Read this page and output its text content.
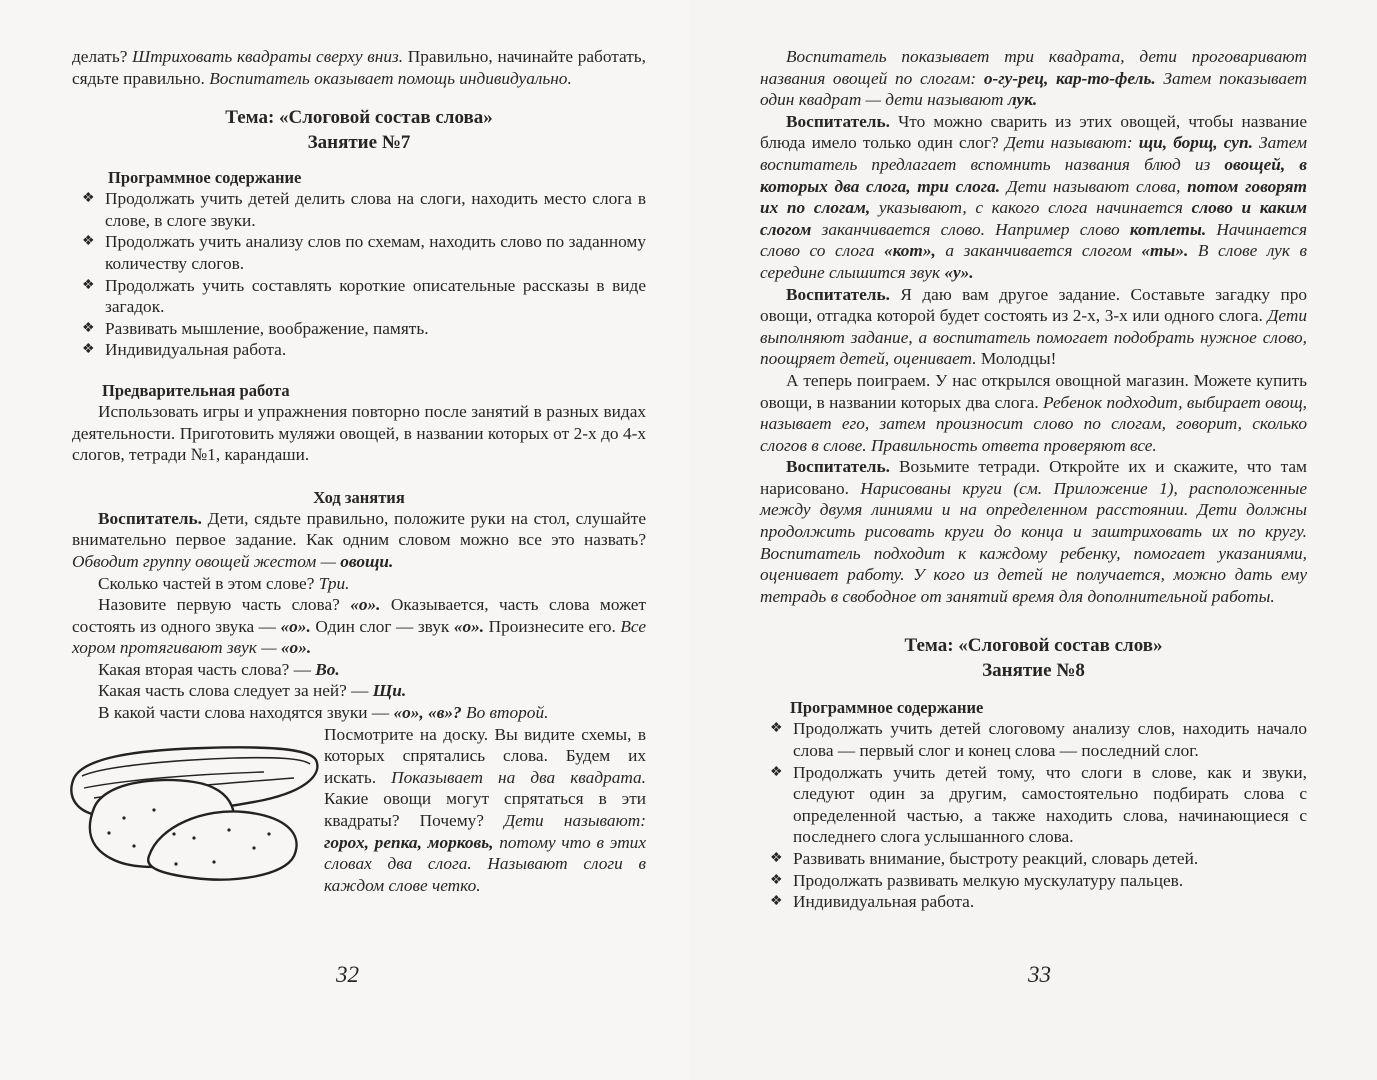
делать? Штриховать квадраты сверху вниз. Правильно, начинайте работать, сядьте правильно. Воспитатель оказывает помощь индивидуально.

Тема: «Слоговой состав слова»
Занятие №7
Программное содержание
❖ Продолжать учить детей делить слова на слоги, находить место слога в слове, в слоге звуки.
❖ Продолжать учить анализу слов по схемам, находить слово по заданному количеству слогов.
❖ Продолжать учить составлять короткие описательные рассказы в виде загадок.
❖ Развивать мышление, воображение, память.
❖ Индивидуальная работа.
Предварительная работа

Использовать игры и упражнения повторно после занятий в разных видах деятельности. Приготовить муляжи овощей, в названии которых от 2-х до 4-х слогов, тетради №1, карандаши.

Ход занятия

Воспитатель. Дети, сядьте правильно, положите руки на стол, слушайте внимательно первое задание. Как одним словом можно все это назвать? Обводит группу овощей жестом — овощи.

Сколько частей в этом слове? Три.

Назовите первую часть слова? «о». Оказывается, часть слова может состоять из одного звука — «о». Один слог — звук «о». Произнесите его. Все хором протягивают звук — «о».

Какая вторая часть слова? — Во.

Какая часть слова следует за ней? — Щи.

В какой части слова находятся звуки — «о», «в»? Во второй.

Посмотрите на доску. Вы видите схемы, в которых спрятались слова. Будем их искать. Показывает на два квадрата. Какие овощи могут спрятаться в эти квадраты? Почему? Дети называют: горох, репка, морковь, потому что в этих словах два слога. Называют слоги в каждом слове четко.

32

Воспитатель показывает три квадрата, дети проговаривают названия овощей по слогам: о-гу-рец, кар-то-фель. Затем показывает один квадрат — дети называют лук.

Воспитатель. Что можно сварить из этих овощей, чтобы название блюда имело только один слог? Дети называют: щи, борщ, суп. Затем воспитатель предлагает вспомнить названия блюд из овощей, в которых два слога, три слога. Дети называют слова, потом говорят их по слогам, указывают, с какого слога начинается слово и каким слогом заканчивается слово. Например слово котлеты. Начинается слово со слога «кот», а заканчивается слогом «ты». В слове лук в середине слышится звук «у».

Воспитатель. Я даю вам другое задание. Составьте загадку про овощи, отгадка которой будет состоять из 2-х, 3-х или одного слога. Дети выполняют задание, а воспитатель помогает подобрать нужное слово, поощряет детей, оценивает. Молодцы!

А теперь поиграем. У нас открылся овощной магазин. Можете купить овощи, в названии которых два слога. Ребенок подходит, выбирает овощ, называет его, затем произносит слово по слогам, говорит, сколько слогов в слове. Правильность ответа проверяют все.

Воспитатель. Возьмите тетради. Откройте их и скажите, что там нарисовано. Нарисованы круги (см. Приложение 1), расположенные между двумя линиями и на определенном расстоянии. Дети должны продолжить рисовать круги до конца и заштриховать их по кругу. Воспитатель подходит к каждому ребенку, помогает указаниями, оценивает работу. У кого из детей не получается, можно дать ему тетрадь в свободное от занятий время для дополнительной работы.

Тема: «Слоговой состав слов»
Занятие №8
Программное содержание
❖ Продолжать учить детей слоговому анализу слов, находить начало слова — первый слог и конец слова — последний слог.
❖ Продолжать учить детей тому, что слоги в слове, как и звуки, следуют один за другим, самостоятельно подбирать слова с определенной частью, а также находить слова, начинающиеся с последнего слога услышанного слова.
❖ Развивать внимание, быстроту реакций, словарь детей.
❖ Продолжать развивать мелкую мускулатуру пальцев.
❖ Индивидуальная работа.
33
